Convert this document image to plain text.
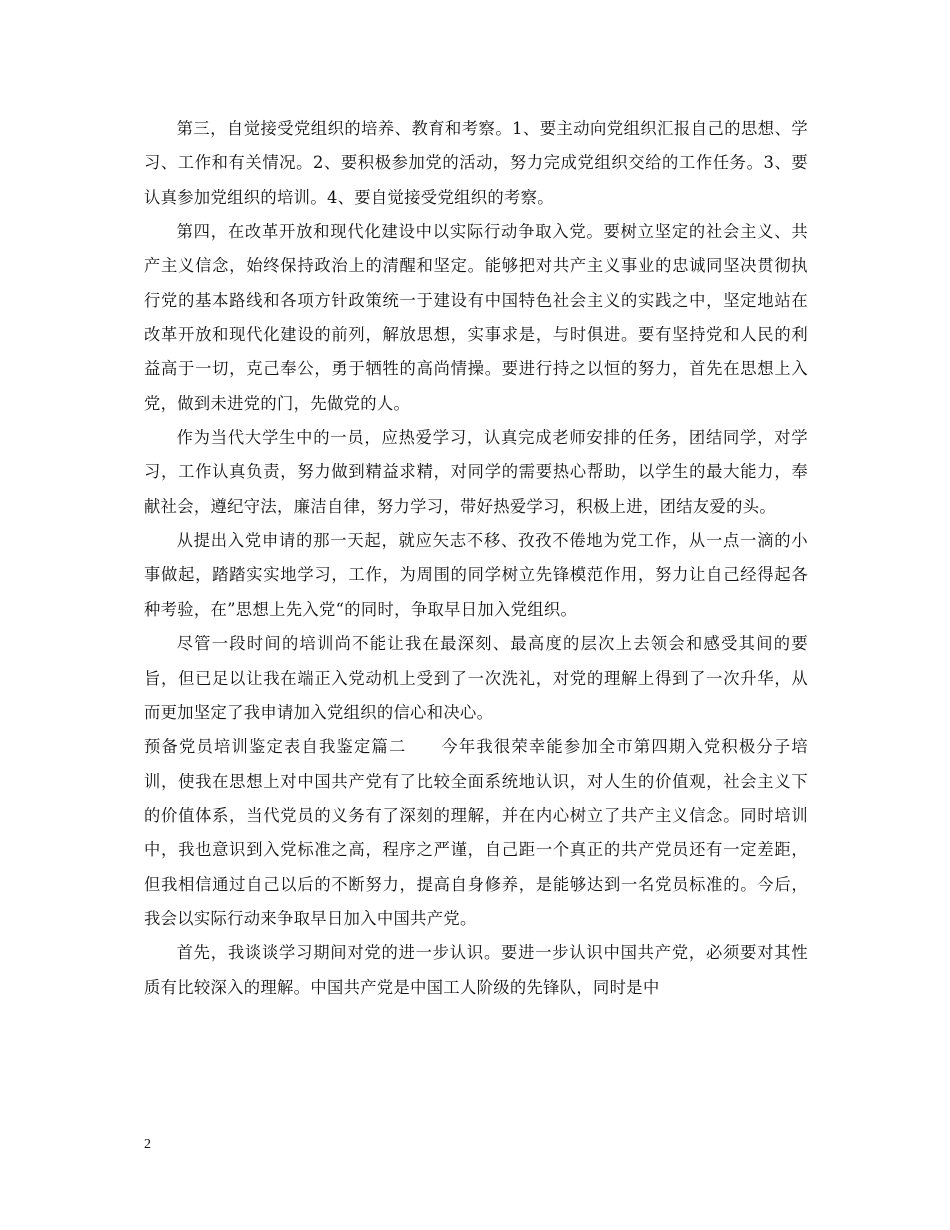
第三，自觉接受党组织的培养、教育和考察。1、要主动向党组织汇报自己的思想、学习、工作和有关情况。2、要积极参加党的活动，努力完成党组织交给的工作任务。3、要认真参加党组织的培训。4、要自觉接受党组织的考察。

第四，在改革开放和现代化建设中以实际行动争取入党。要树立坚定的社会主义、共产主义信念，始终保持政治上的清醒和坚定。能够把对共产主义事业的忠诚同坚决贯彻执行党的基本路线和各项方针政策统一于建设有中国特色社会主义的实践之中，坚定地站在改革开放和现代化建设的前列，解放思想，实事求是，与时俱进。要有坚持党和人民的利益高于一切，克己奉公，勇于牺牲的高尚情操。要进行持之以恒的努力，首先在思想上入党，做到未进党的门，先做党的人。

作为当代大学生中的一员，应热爱学习，认真完成老师安排的任务，团结同学，对学习，工作认真负责，努力做到精益求精，对同学的需要热心帮助，以学生的最大能力，奉献社会，遵纪守法，廉洁自律，努力学习，带好热爱学习，积极上进，团结友爱的头。

从提出入党申请的那一天起，就应矢志不移、孜孜不倦地为党工作，从一点一滴的小事做起，踏踏实实地学习，工作，为周围的同学树立先锋模范作用，努力让自己经得起各种考验，在”思想上先入党“的同时，争取早日加入党组织。

尽管一段时间的培训尚不能让我在最深刻、最高度的层次上去领会和感受其间的要旨，但已足以让我在端正入党动机上受到了一次洗礼，对党的理解上得到了一次升华，从而更加坚定了我申请加入党组织的信心和决心。

预备党员培训鉴定表自我鉴定篇二　　今年我很荣幸能参加全市第四期入党积极分子培训，使我在思想上对中国共产党有了比较全面系统地认识，对人生的价值观，社会主义下的价值体系，当代党员的义务有了深刻的理解，并在内心树立了共产主义信念。同时培训中，我也意识到入党标准之高，程序之严谨，自己距一个真正的共产党员还有一定差距，但我相信通过自己以后的不断努力，提高自身修养，是能够达到一名党员标准的。今后，我会以实际行动来争取早日加入中国共产党。

首先，我谈谈学习期间对党的进一步认识。要进一步认识中国共产党，必须要对其性质有比较深入的理解。中国共产党是中国工人阶级的先锋队，同时是中

2
